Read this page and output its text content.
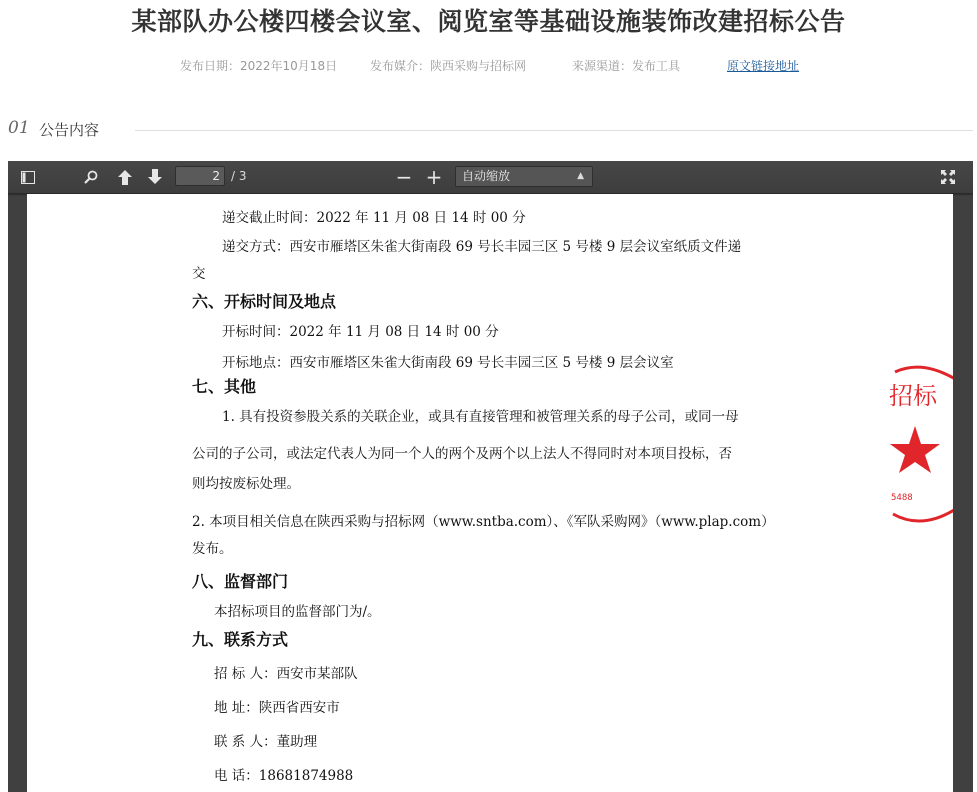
某部队办公楼四楼会议室、阅览室等基础设施装饰改建招标公告
发布日期：2022年10月18日	发布媒介：陕西采购与招标网	来源渠道：发布工具	原文链接地址
01 公告内容
2
/ 3	− +	自动缩放	▲

递交截止时间：2022 年 11 月 08 日 14 时 00 分
递交方式：西安市雁塔区朱雀大街南段 69 号长丰园三区 5 号楼 9 层会议室纸质文件递
交
六、开标时间及地点
开标时间：2022 年 11 月 08 日 14 时 00 分
开标地点：西安市雁塔区朱雀大街南段 69 号长丰园三区 5 号楼 9 层会议室
七、其他
1. 具有投资参股关系的关联企业，或具有直接管理和被管理关系的母子公司，或同一母
公司的子公司，或法定代表人为同一个人的两个及两个以上法人不得同时对本项目投标，否
则均按废标处理。
2. 本项目相关信息在陕西采购与招标网（www.sntba.com）、《军队采购网》（www.plap.com）
发布。
八、监督部门
本招标项目的监督部门为/。
九、联系方式
招 标 人：西安市某部队
地 址：陕西省西安市
联 系 人：董助理
电 话：18681874988
招标
5488
